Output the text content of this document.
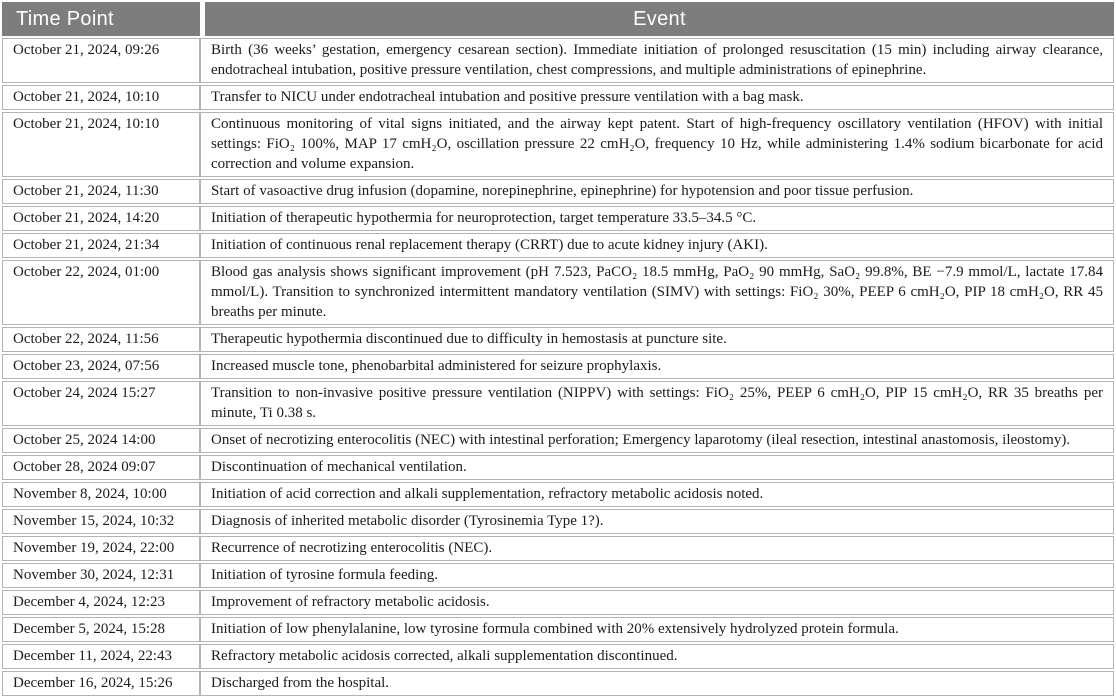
Time Point	Event
October 21, 2024, 09:26	Birth (36 weeks’ gestation, emergency cesarean section). Immediate initiation of prolonged resuscitation (15 min) including airway clearance, endotracheal intubation, positive pressure ventilation, chest compressions, and multiple administrations of epinephrine.
October 21, 2024, 10:10	Transfer to NICU under endotracheal intubation and positive pressure ventilation with a bag mask.
October 21, 2024, 10:10	Continuous monitoring of vital signs initiated, and the airway kept patent. Start of high-frequency oscillatory ventilation (HFOV) with initial settings: FiO₂ 100%, MAP 17 cmH₂O, oscillation pressure 22 cmH₂O, frequency 10 Hz, while administering 1.4% sodium bicarbonate for acid correction and volume expansion.
October 21, 2024, 11:30	Start of vasoactive drug infusion (dopamine, norepinephrine, epinephrine) for hypotension and poor tissue perfusion.
October 21, 2024, 14:20	Initiation of therapeutic hypothermia for neuroprotection, target temperature 33.5–34.5 °C.
October 21, 2024, 21:34	Initiation of continuous renal replacement therapy (CRRT) due to acute kidney injury (AKI).
October 22, 2024, 01:00	Blood gas analysis shows significant improvement (pH 7.523, PaCO₂ 18.5 mmHg, PaO₂ 90 mmHg, SaO₂ 99.8%, BE −7.9 mmol/L, lactate 17.84 mmol/L). Transition to synchronized intermittent mandatory ventilation (SIMV) with settings: FiO₂ 30%, PEEP 6 cmH₂O, PIP 18 cmH₂O, RR 45 breaths per minute.
October 22, 2024, 11:56	Therapeutic hypothermia discontinued due to difficulty in hemostasis at puncture site.
October 23, 2024, 07:56	Increased muscle tone, phenobarbital administered for seizure prophylaxis.
October 24, 2024 15:27	Transition to non-invasive positive pressure ventilation (NIPPV) with settings: FiO₂ 25%, PEEP 6 cmH₂O, PIP 15 cmH₂O, RR 35 breaths per minute, Ti 0.38 s.
October 25, 2024 14:00	Onset of necrotizing enterocolitis (NEC) with intestinal perforation; Emergency laparotomy (ileal resection, intestinal anastomosis, ileostomy).
October 28, 2024 09:07	Discontinuation of mechanical ventilation.
November 8, 2024, 10:00	Initiation of acid correction and alkali supplementation, refractory metabolic acidosis noted.
November 15, 2024, 10:32	Diagnosis of inherited metabolic disorder (Tyrosinemia Type 1?).
November 19, 2024, 22:00	Recurrence of necrotizing enterocolitis (NEC).
November 30, 2024, 12:31	Initiation of tyrosine formula feeding.
December 4, 2024, 12:23	Improvement of refractory metabolic acidosis.
December 5, 2024, 15:28	Initiation of low phenylalanine, low tyrosine formula combined with 20% extensively hydrolyzed protein formula.
December 11, 2024, 22:43	Refractory metabolic acidosis corrected, alkali supplementation discontinued.
December 16, 2024, 15:26	Discharged from the hospital.
